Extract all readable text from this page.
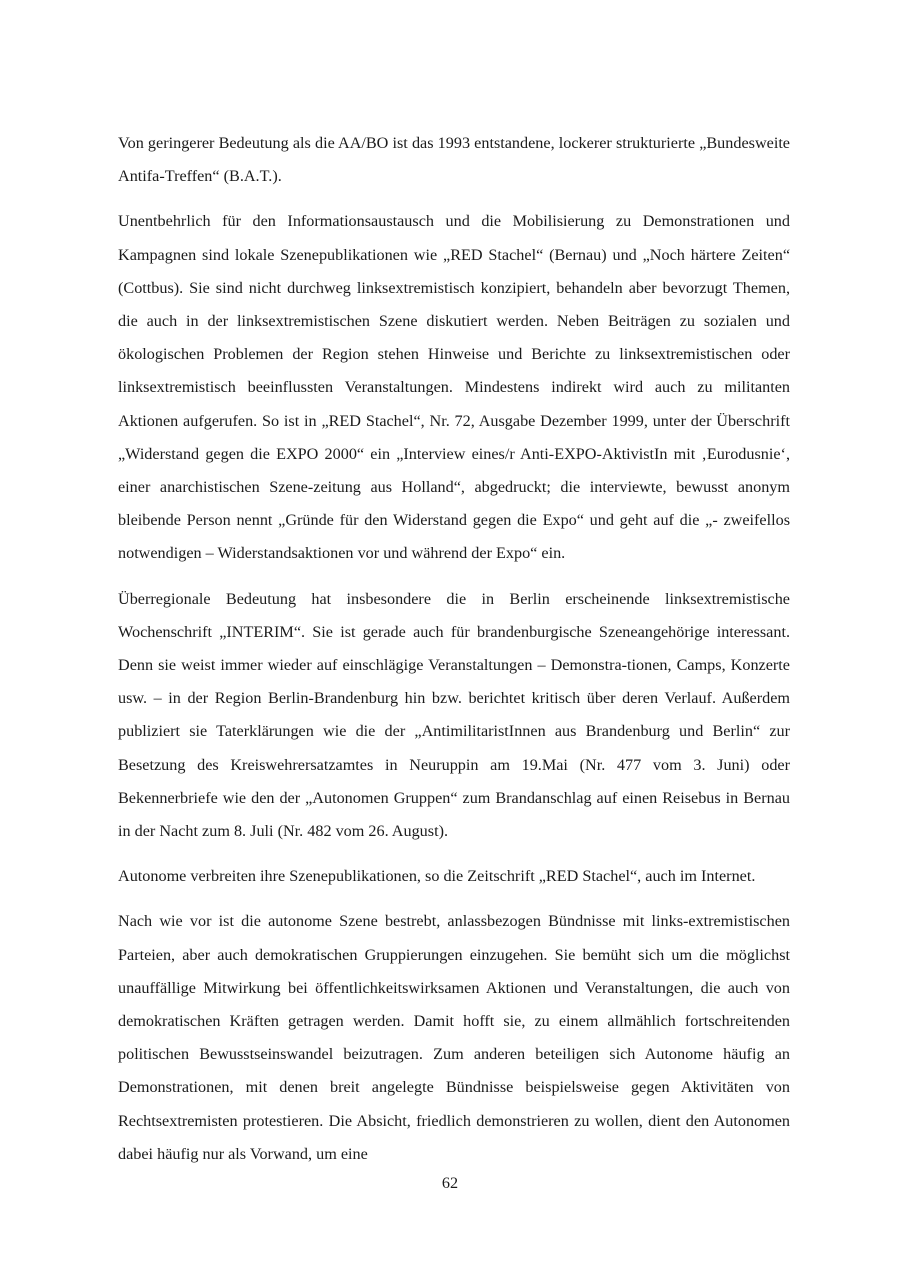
Von geringerer Bedeutung als die AA/BO ist das 1993 entstandene, lockerer strukturierte „Bundesweite Antifa-Treffen“ (B.A.T.).

Unentbehrlich für den Informationsaustausch und die Mobilisierung zu Demonstrationen und Kampagnen sind lokale Szenepublikationen wie „RED Stachel“ (Bernau) und „Noch härtere Zeiten“ (Cottbus). Sie sind nicht durchweg linksextremistisch konzipiert, behandeln aber bevorzugt Themen, die auch in der linksextremistischen Szene diskutiert werden. Neben Beiträgen zu sozialen und ökologischen Problemen der Region stehen Hinweise und Berichte zu linksextremistischen oder linksextremistisch beeinflussten Veranstaltungen. Mindestens indirekt wird auch zu militanten Aktionen aufgerufen. So ist in „RED Stachel“, Nr. 72, Ausgabe Dezember 1999, unter der Überschrift „Widerstand gegen die EXPO 2000“ ein „Interview eines/r Anti-EXPO-AktivistIn mit ‚Eurodusnie‘, einer anarchistischen Szene-zeitung aus Holland“, abgedruckt; die interviewte, bewusst anonym bleibende Person nennt „Gründe für den Widerstand gegen die Expo“ und geht auf die „- zweifellos notwendigen – Widerstandsaktionen vor und während der Expo“ ein.

Überregionale Bedeutung hat insbesondere die in Berlin erscheinende linksextremistische Wochenschrift „INTERIM“. Sie ist gerade auch für brandenburgische Szeneangehörige interessant. Denn sie weist immer wieder auf einschlägige Veranstaltungen – Demonstra-tionen, Camps, Konzerte usw. – in der Region Berlin-Brandenburg hin bzw. berichtet kritisch über deren Verlauf. Außerdem publiziert sie Taterklärungen wie die der „AntimilitaristInnen aus Brandenburg und Berlin“ zur Besetzung des Kreiswehrersatzamtes in Neuruppin am 19.Mai (Nr. 477 vom 3. Juni) oder Bekennerbriefe wie den der „Autonomen Gruppen“ zum Brandanschlag auf einen Reisebus in Bernau in der Nacht zum 8. Juli (Nr. 482 vom 26. August).

Autonome verbreiten ihre Szenepublikationen, so die Zeitschrift „RED Stachel“, auch im Internet.

Nach wie vor ist die autonome Szene bestrebt, anlassbezogen Bündnisse mit links-extremistischen Parteien, aber auch demokratischen Gruppierungen einzugehen. Sie bemüht sich um die möglichst unauffällige Mitwirkung bei öffentlichkeitswirksamen Aktionen und Veranstaltungen, die auch von demokratischen Kräften getragen werden. Damit hofft sie, zu einem allmählich fortschreitenden politischen Bewusstseinswandel beizutragen. Zum anderen beteiligen sich Autonome häufig an Demonstrationen, mit denen breit angelegte Bündnisse beispielsweise gegen Aktivitäten von Rechtsextremisten protestieren. Die Absicht, friedlich demonstrieren zu wollen, dient den Autonomen dabei häufig nur als Vorwand, um eine

62
